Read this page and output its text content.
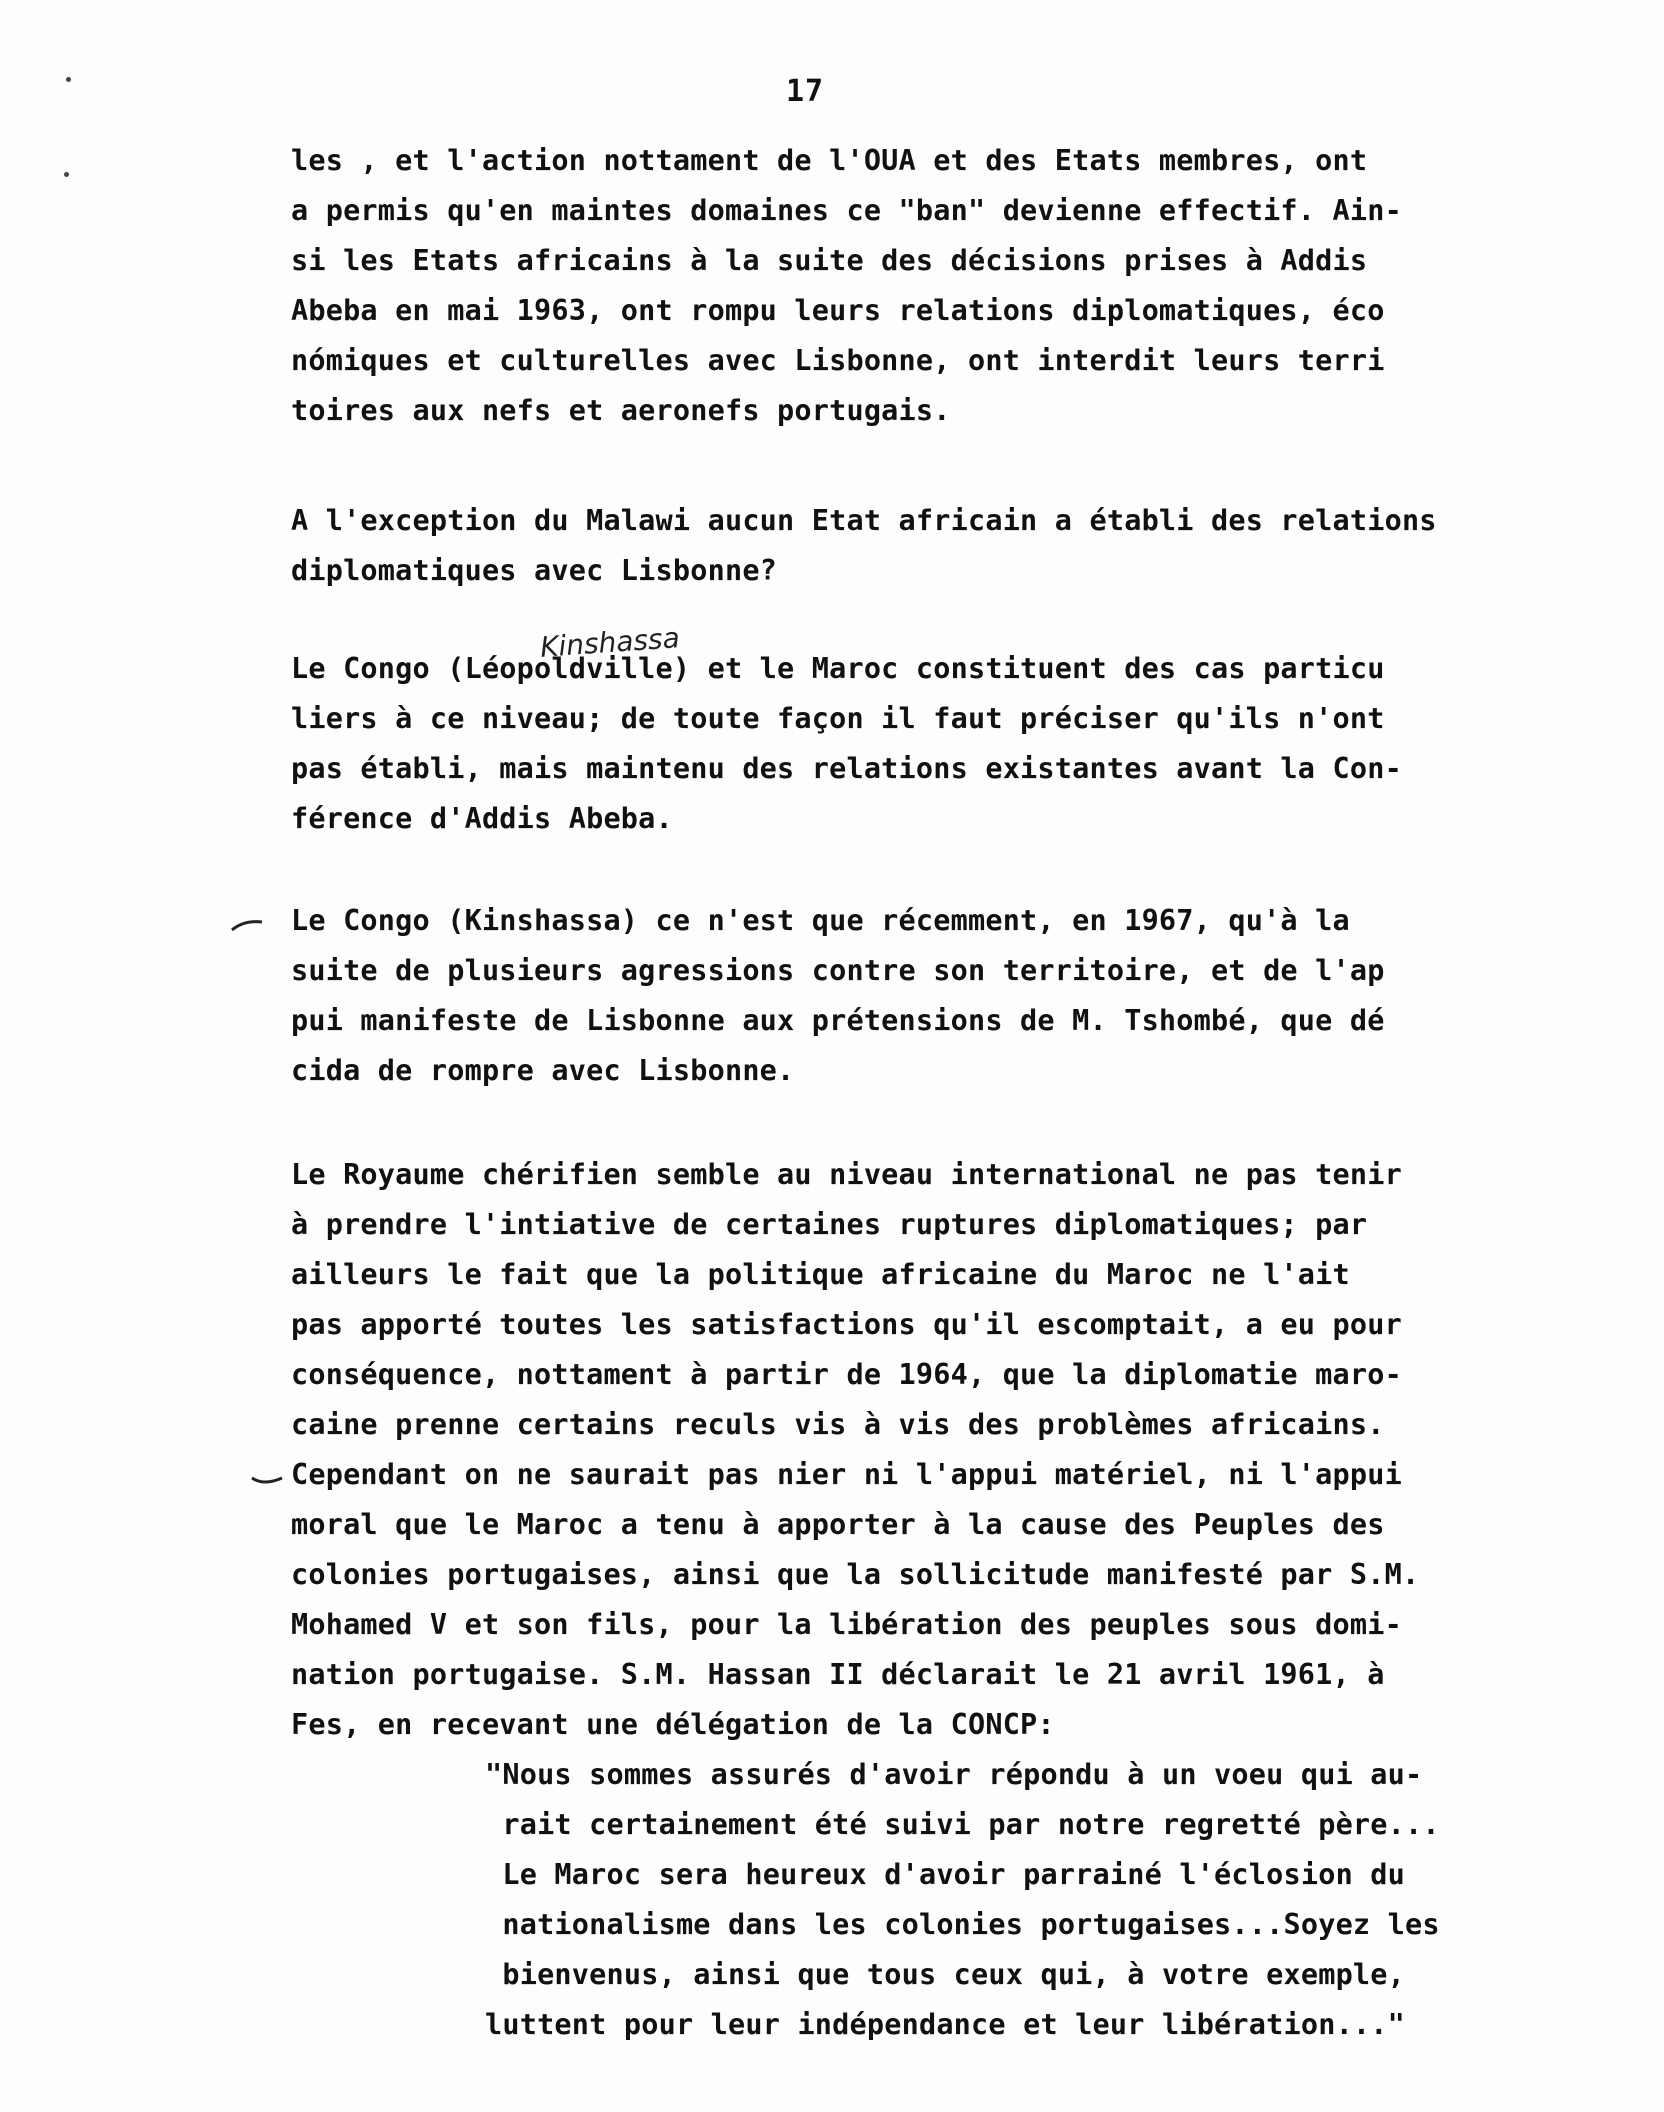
17
les , et l'action nottament de l'OUA et des Etats membres, ont
a permis qu'en maintes domaines ce "ban" devienne effectif. Ain-
si les Etats africains à la suite des décisions prises à Addis
Abeba en mai 1963, ont rompu leurs relations diplomatiques, éco
nómiques et culturelles avec Lisbonne, ont interdit leurs terri
toires aux nefs et aeronefs portugais.
A l'exception du Malawi aucun Etat africain a établi des relations
diplomatiques avec Lisbonne?
Kinshassa
Le Congo (Léopoldville) et le Maroc constituent des cas particu
liers à ce niveau; de toute façon il faut préciser qu'ils n'ont
pas établi, mais maintenu des relations existantes avant la Con-
férence d'Addis Abeba.
Le Congo (Kinshassa) ce n'est que récemment, en 1967, qu'à la
suite de plusieurs agressions contre son territoire, et de l'ap
pui manifeste de Lisbonne aux prétensions de M. Tshombé, que dé
cida de rompre avec Lisbonne.
Le Royaume chérifien semble au niveau international ne pas tenir
à prendre l'intiative de certaines ruptures diplomatiques; par
ailleurs le fait que la politique africaine du Maroc ne l'ait
pas apporté toutes les satisfactions qu'il escomptait, a eu pour
conséquence, nottament à partir de 1964, que la diplomatie maro-
caine prenne certains reculs vis à vis des problèmes africains.
Cependant on ne saurait pas nier ni l'appui matériel, ni l'appui
moral que le Maroc a tenu à apporter à la cause des Peuples des
colonies portugaises, ainsi que la sollicitude manifesté par S.M.
Mohamed V et son fils, pour la libération des peuples sous domi-
nation portugaise. S.M. Hassan II déclarait le 21 avril 1961, à
Fes, en recevant une délégation de la CONCP:
"Nous sommes assurés d'avoir répondu à un voeu qui au-
rait certainement été suivi par notre regretté père...
Le Maroc sera heureux d'avoir parrainé l'éclosion du
nationalisme dans les colonies portugaises...Soyez les
bienvenus, ainsi que tous ceux qui, à votre exemple,
luttent pour leur indépendance et leur libération..."
